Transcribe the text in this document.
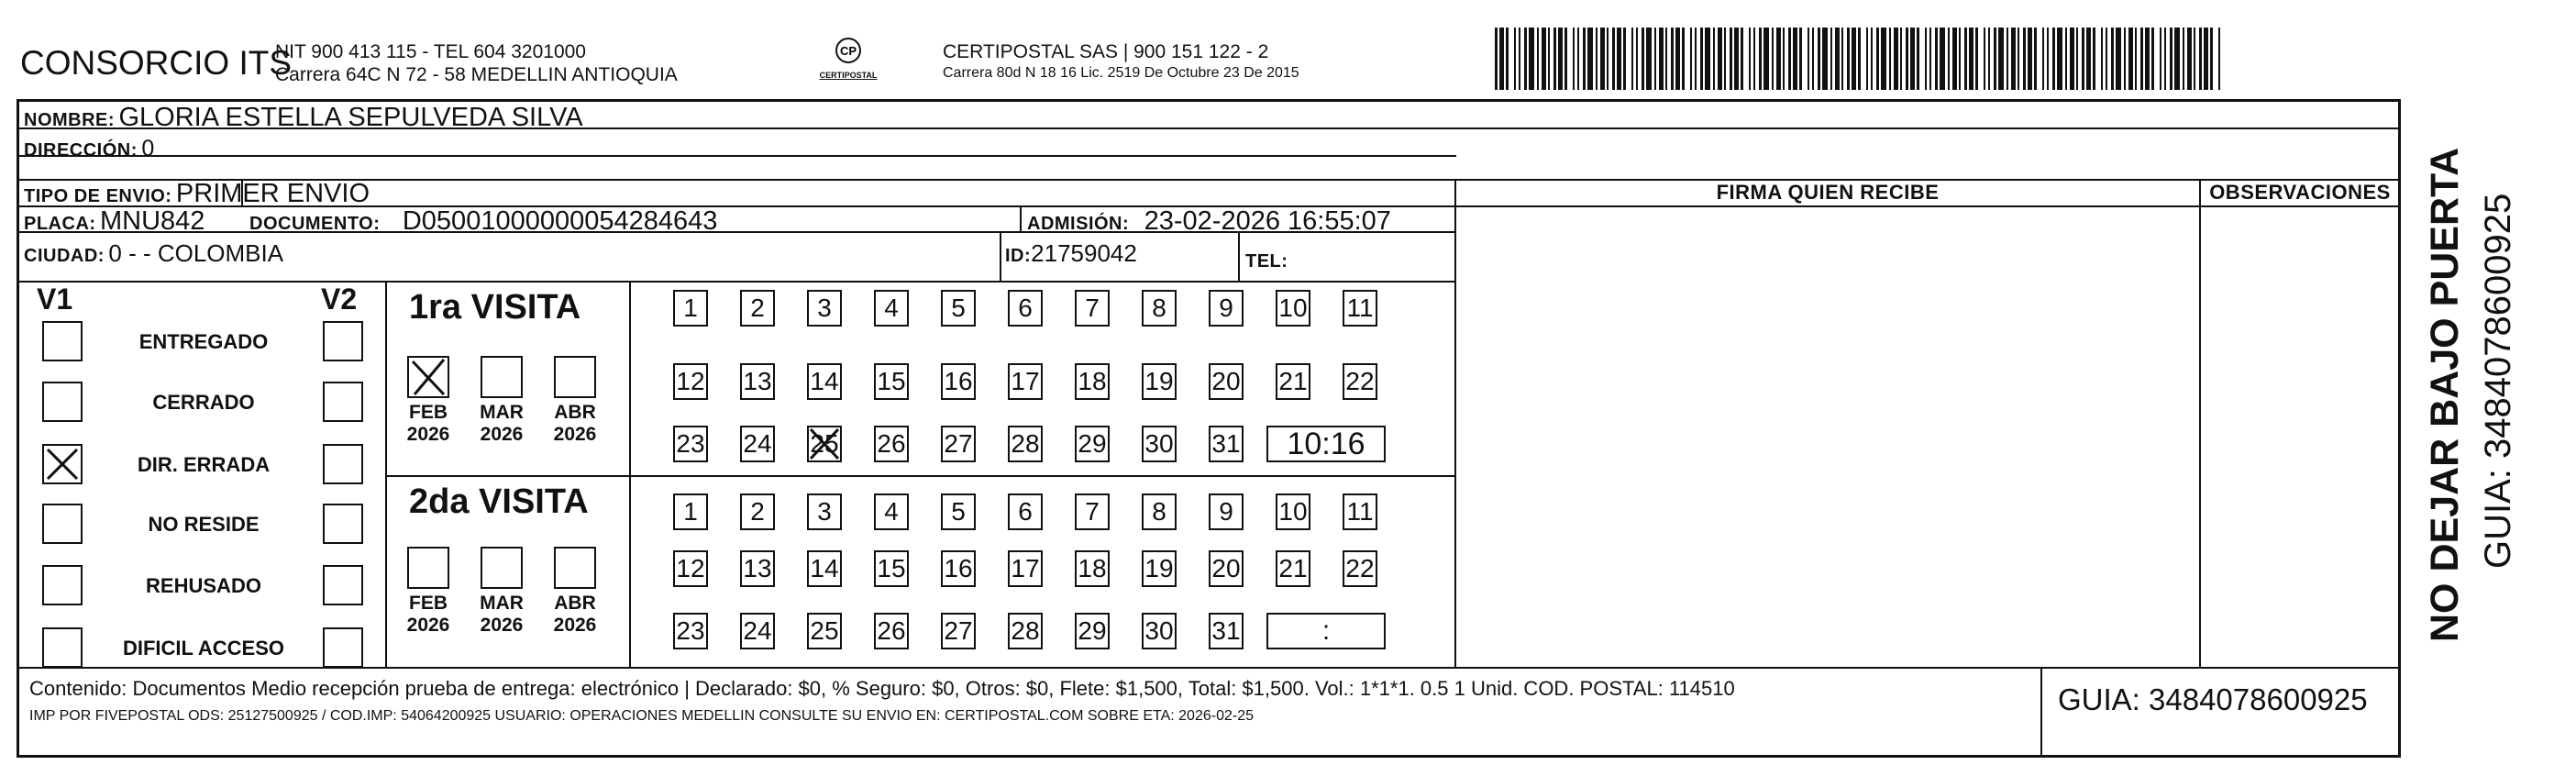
CONSORCIO ITS
NIT 900 413 115 - TEL 604 3201000
Carrera 64C N 72 - 58 MEDELLIN ANTIOQUIA
CP
CERTIPOSTAL
CERTIPOSTAL SAS | 900 151 122 - 2
Carrera 80d N 18 16 Lic. 2519 De Octubre 23 De 2015
NOMBRE: GLORIA ESTELLA SEPULVEDA SILVA
DIRECCIÓN: 0
TIPO DE ENVIO: PRIMER ENVIO
PLACA: MNU842 DOCUMENTO: D05001000000054284643	ADMISIÓN: 23-02-2026 16:55:07
CIUDAD: 0 - - COLOMBIA	ID:21759042	TEL:
FIRMA QUIEN RECIBE	OBSERVACIONES
V1	V2
ENTREGADO
CERRADO
DIR. ERRADA
NO RESIDE
REHUSADO
DIFICIL ACCESO
1ra VISITA
2da VISITA
FEB
2026
MAR
2026
ABR
2026
FEB
2026
MAR
2026
ABR
2026
1	2	3	4	5	6	7	8	9	10 11
12 13 14 15 16 17 18 19 20 21 22
23 24 25 26 27 28 29 30 31	10:16
1	2	3	4	5	6	7	8	9	10 11
12 13 14 15 16 17 18 19 20 21 22
23 24 25 26 27 28 29 30 31	:
Contenido: Documentos Medio recepción prueba de entrega: electrónico | Declarado: $0, % Seguro: $0, Otros: $0, Flete: $1,500, Total: $1,500. Vol.: 1*1*1. 0.5 1 Unid. COD. POSTAL: 114510
IMP POR FIVEPOSTAL ODS: 25127500925 / COD.IMP: 54064200925 USUARIO: OPERACIONES MEDELLIN CONSULTE SU ENVIO EN: CERTIPOSTAL.COM SOBRE ETA: 2026-02-25	GUIA: 3484078600925
NO DEJAR BAJO PUERTA GUIA: 3484078600925
